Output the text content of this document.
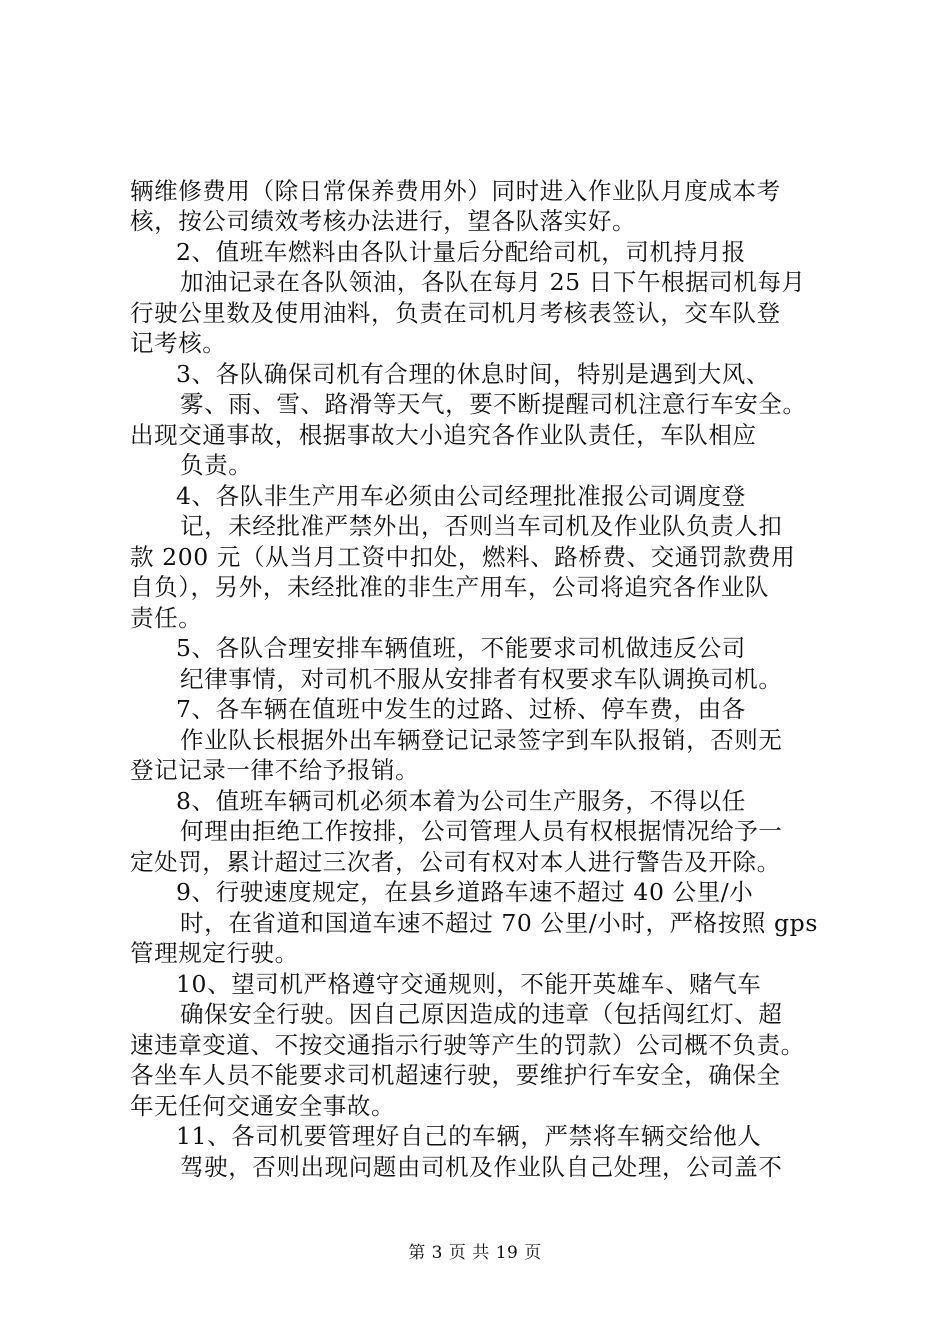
辆维修费用（除日常保养费用外）同时进入作业队月度成本考
核，按公司绩效考核办法进行，望各队落实好。
2、值班车燃料由各队计量后分配给司机，司机持月报
加油记录在各队领油，各队在每月 25 日下午根据司机每月
行驶公里数及使用油料，负责在司机月考核表签认，交车队登
记考核。
3、各队确保司机有合理的休息时间，特别是遇到大风、
雾、雨、雪、路滑等天气，要不断提醒司机注意行车安全。
出现交通事故，根据事故大小追究各作业队责任，车队相应
负责。
4、各队非生产用车必须由公司经理批准报公司调度登
记，未经批准严禁外出，否则当车司机及作业队负责人扣
款 200 元（从当月工资中扣处，燃料、路桥费、交通罚款费用
自负），另外，未经批准的非生产用车，公司将追究各作业队
责任。
5、各队合理安排车辆值班，不能要求司机做违反公司
纪律事情，对司机不服从安排者有权要求车队调换司机。
7、各车辆在值班中发生的过路、过桥、停车费，由各
作业队长根据外出车辆登记记录签字到车队报销，否则无
登记记录一律不给予报销。
8、值班车辆司机必须本着为公司生产服务，不得以任
何理由拒绝工作按排，公司管理人员有权根据情况给予一
定处罚，累计超过三次者，公司有权对本人进行警告及开除。
9、行驶速度规定，在县乡道路车速不超过 40 公里/小
时，在省道和国道车速不超过 70 公里/小时，严格按照 gps
管理规定行驶。
10、望司机严格遵守交通规则，不能开英雄车、赌气车
确保安全行驶。因自己原因造成的违章（包括闯红灯、超
速违章变道、不按交通指示行驶等产生的罚款）公司概不负责。
各坐车人员不能要求司机超速行驶，要维护行车安全，确保全
年无任何交通安全事故。
11、各司机要管理好自己的车辆，严禁将车辆交给他人
驾驶，否则出现问题由司机及作业队自己处理，公司盖不
第 3 页 共 19 页
